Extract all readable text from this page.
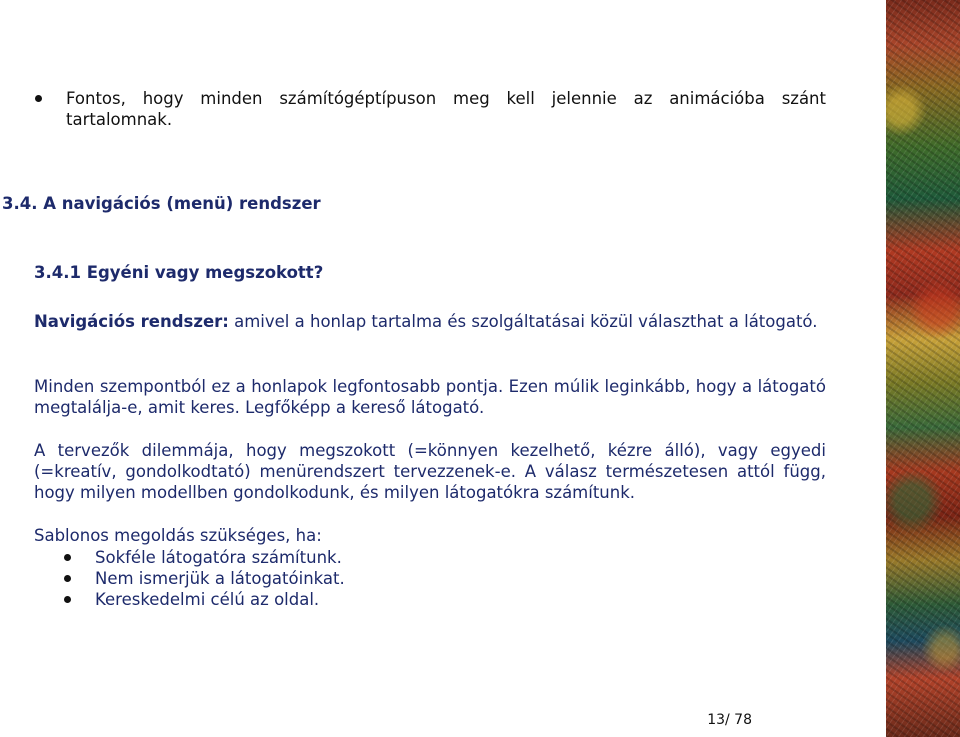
Fontos, hogy minden számítógéptípuson meg kell jelennie az animációba szánt tartalomnak.
3.4. A navigációs (menü) rendszer
3.4.1 Egyéni vagy megszokott?
Navigációs rendszer: amivel a honlap tartalma és szolgáltatásai közül választhat a látogató.
Minden szempontból ez a honlapok legfontosabb pontja. Ezen múlik leginkább, hogy a látogató megtalálja-e, amit keres. Legfőképp a kereső látogató.
A tervezők dilemmája, hogy megszokott (=könnyen kezelhető, kézre álló), vagy egyedi (=kreatív, gondolkodtató) menürendszert tervezzenek-e. A válasz természetesen attól függ, hogy milyen modellben gondolkodunk, és milyen látogatókra számítunk.
Sablonos megoldás szükséges, ha:
Sokféle látogatóra számítunk.
Nem ismerjük a látogatóinkat.
Kereskedelmi célú az oldal.
13/ 78
